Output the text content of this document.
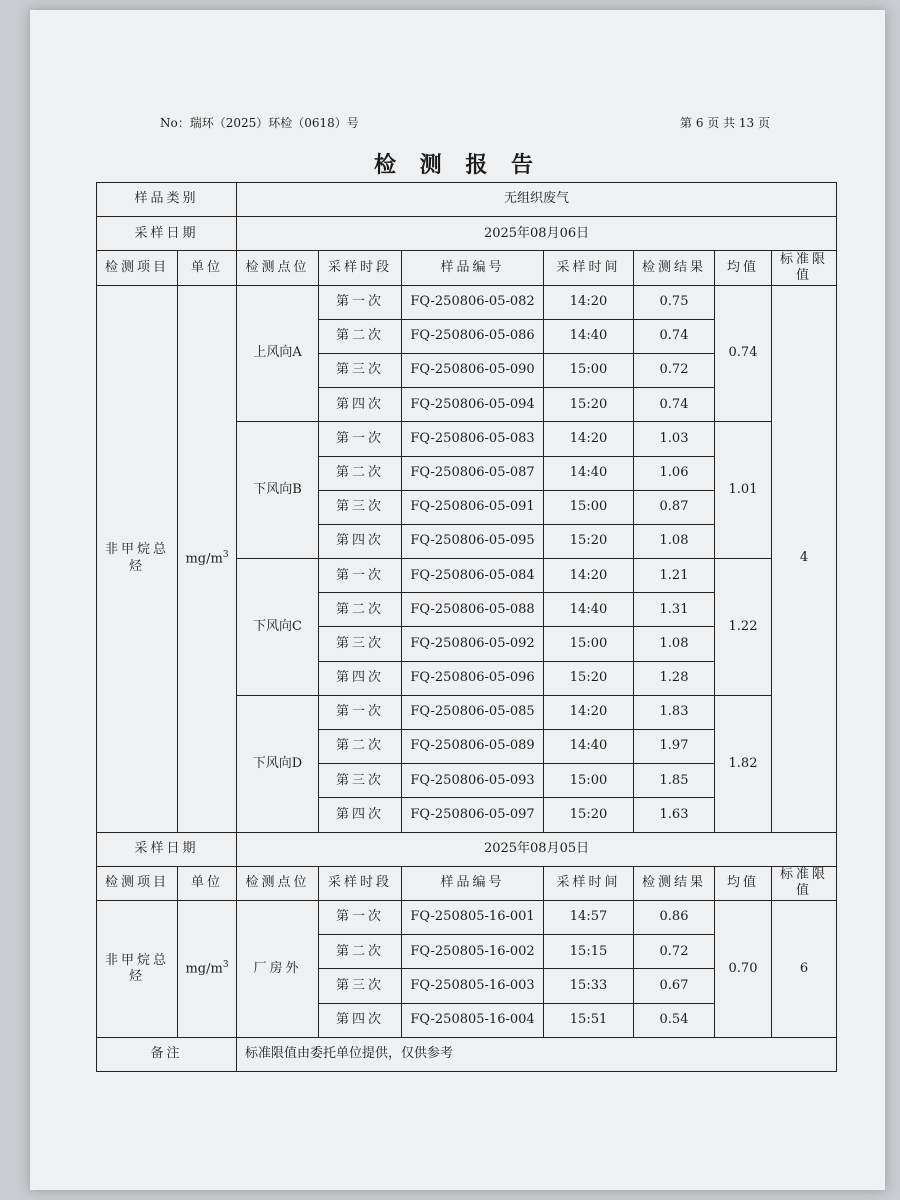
No：瑞环（2025）环检（0618）号	第 6 页 共 13 页
检 测 报 告
样品类别		无组织废气						
采样日期		2025年08月06日						
检测项目	单位	检测点位	采样时段	样品编号	采样时间	检测结果	均值	标准限值
非甲烷总烃	$mg/m^3$	上风向A	第一次	FQ-250806-05-082	14:20	0.75	0.74	4
			第二次	FQ-250806-05-086	14:40	0.74		
			第三次	FQ-250806-05-090	15:00	0.72		
			第四次	FQ-250806-05-094	15:20	0.74		
		下风向B	第一次	FQ-250806-05-083	14:20	1.03	1.01	
			第二次	FQ-250806-05-087	14:40	1.06		
			第三次	FQ-250806-05-091	15:00	0.87		
			第四次	FQ-250806-05-095	15:20	1.08		
		下风向C	第一次	FQ-250806-05-084	14:20	1.21	1.22	
			第二次	FQ-250806-05-088	14:40	1.31		
			第三次	FQ-250806-05-092	15:00	1.08		
			第四次	FQ-250806-05-096	15:20	1.28		
		下风向D	第一次	FQ-250806-05-085	14:20	1.83	1.82	
			第二次	FQ-250806-05-089	14:40	1.97		
			第三次	FQ-250806-05-093	15:00	1.85		
			第四次	FQ-250806-05-097	15:20	1.63		
采样日期		2025年08月05日						
检测项目	单位	检测点位	采样时段	样品编号	采样时间	检测结果	均值	标准限值
非甲烷总烃	$mg/m^3$	厂房外	第一次	FQ-250805-16-001	14:57	0.86	0.70	6
			第二次	FQ-250805-16-002	15:15	0.72		
			第三次	FQ-250805-16-003	15:33	0.67		
			第四次	FQ-250805-16-004	15:51	0.54		
备注		标准限值由委托单位提供，仅供参考						
